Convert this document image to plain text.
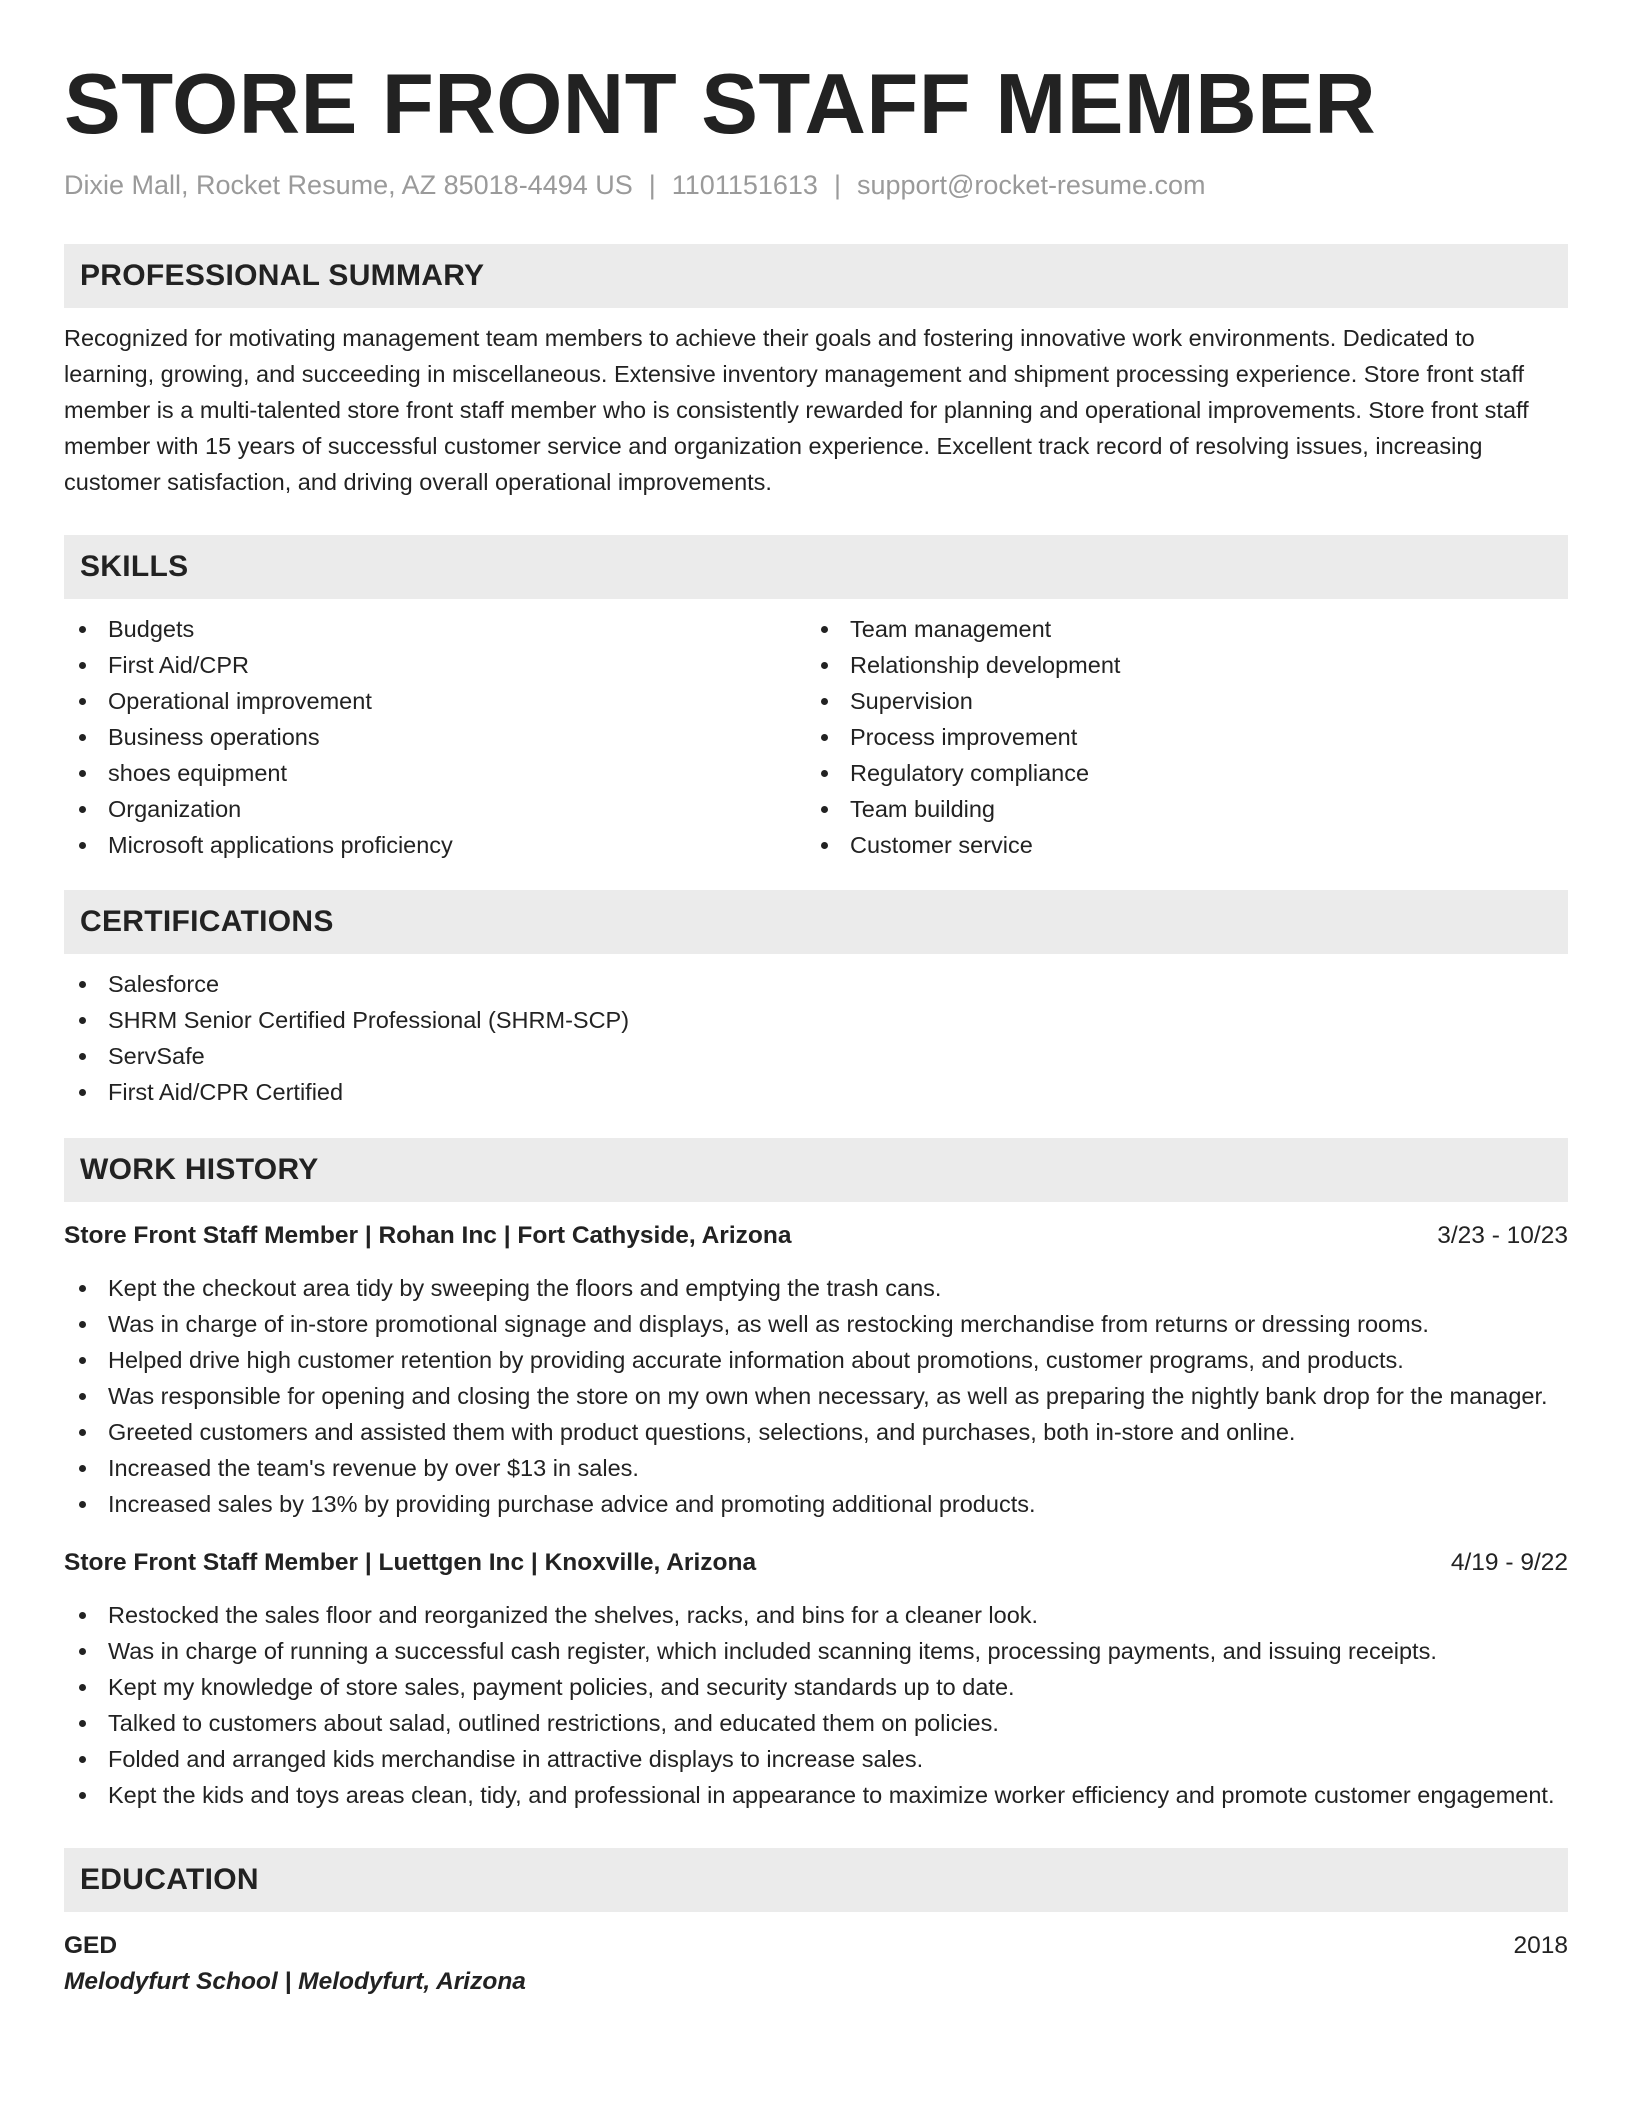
STORE FRONT STAFF MEMBER
Dixie Mall, Rocket Resume, AZ 85018-4494 US | 1101151613 | support@rocket-resume.com
PROFESSIONAL SUMMARY

Recognized for motivating management team members to achieve their goals and fostering innovative work environments. Dedicated to learning, growing, and succeeding in miscellaneous. Extensive inventory management and shipment processing experience. Store front staff member is a multi-talented store front staff member who is consistently rewarded for planning and operational improvements. Store front staff member with 15 years of successful customer service and organization experience. Excellent track record of resolving issues, increasing customer satisfaction, and driving overall operational improvements.

SKILLS
Budgets
First Aid/CPR
Operational improvement
Business operations
shoes equipment
Organization
Microsoft applications proficiency
Team management
Relationship development
Supervision
Process improvement
Regulatory compliance
Team building
Customer service
CERTIFICATIONS
Salesforce
SHRM Senior Certified Professional (SHRM-SCP)
ServSafe
First Aid/CPR Certified
WORK HISTORY
Store Front Staff Member | Rohan Inc | Fort Cathyside, Arizona	3/23 - 10/23
Kept the checkout area tidy by sweeping the floors and emptying the trash cans.
Was in charge of in-store promotional signage and displays, as well as restocking merchandise from returns or dressing rooms.
Helped drive high customer retention by providing accurate information about promotions, customer programs, and products.
Was responsible for opening and closing the store on my own when necessary, as well as preparing the nightly bank drop for the manager.
Greeted customers and assisted them with product questions, selections, and purchases, both in-store and online.
Increased the team's revenue by over $13 in sales.
Increased sales by 13% by providing purchase advice and promoting additional products.
Store Front Staff Member | Luettgen Inc | Knoxville, Arizona	4/19 - 9/22
Restocked the sales floor and reorganized the shelves, racks, and bins for a cleaner look.
Was in charge of running a successful cash register, which included scanning items, processing payments, and issuing receipts.
Kept my knowledge of store sales, payment policies, and security standards up to date.
Talked to customers about salad, outlined restrictions, and educated them on policies.
Folded and arranged kids merchandise in attractive displays to increase sales.
Kept the kids and toys areas clean, tidy, and professional in appearance to maximize worker efficiency and promote customer engagement.
EDUCATION
GED	2018
Melodyfurt School | Melodyfurt, Arizona
